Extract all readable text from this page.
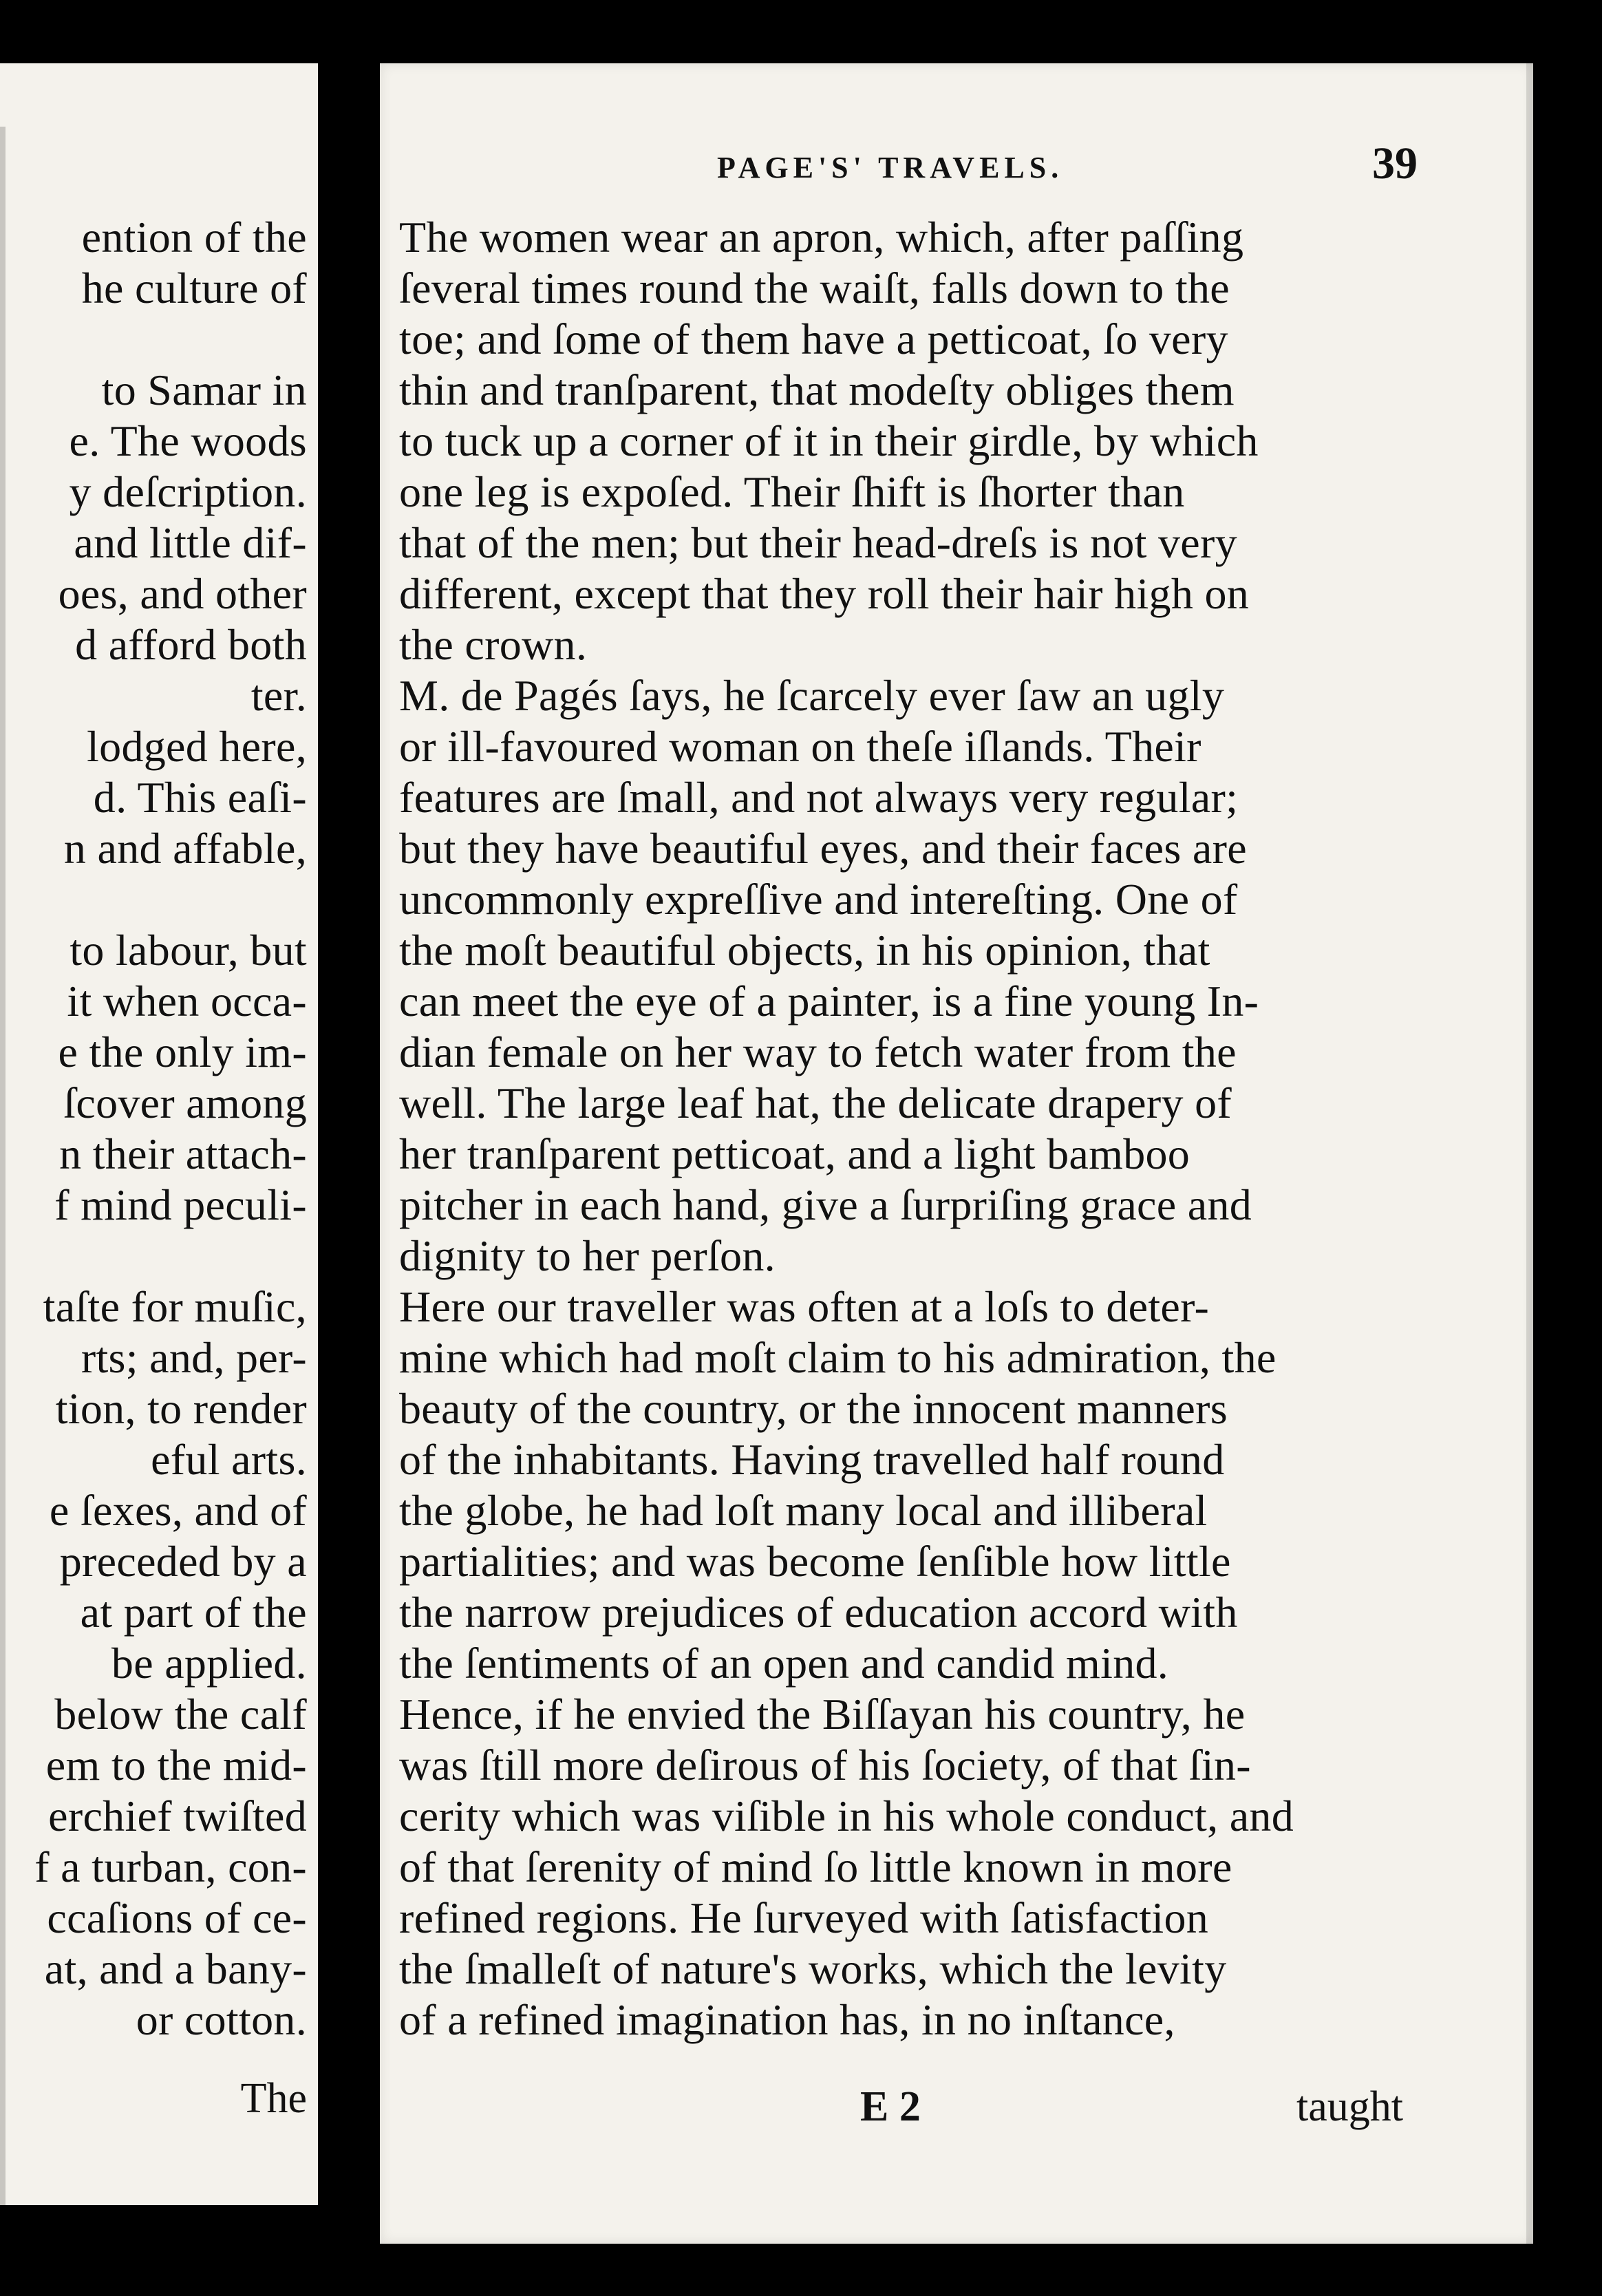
ention of the
he culture of
to Samar in
e. The woods
y deſcription.
and little dif-
oes, and other
d afford both
ter.
lodged here,
d. This eaſi-
n and affable,
to labour, but
it when occa-
e the only im-
ſcover among
n their attach-
f mind peculi-
taſte for muſic,
rts; and, per-
tion, to render
eful arts.
e ſexes, and of
preceded by a
at part of the
be applied.
below the calf
em to the mid-
erchief twiſted
f a turban, con-
ccaſions of ce-
at, and a bany-
or cotton.
The
PAGE'S' TRAVELS.	39
The women wear an apron, which, after paſſing
ſeveral times round the waiſt, falls down to the
toe; and ſome of them have a petticoat, ſo very
thin and tranſparent, that modeſty obliges them
to tuck up a corner of it in their girdle, by which
one leg is expoſed. Their ſhift is ſhorter than
that of the men; but their head-dreſs is not very
different, except that they roll their hair high on
the crown.
M. de Pagés ſays, he ſcarcely ever ſaw an ugly
or ill-favoured woman on theſe iſlands. Their
features are ſmall, and not always very regular;
but they have beautiful eyes, and their faces are
uncommonly expreſſive and intereſting. One of
the moſt beautiful objects, in his opinion, that
can meet the eye of a painter, is a fine young In-
dian female on her way to fetch water from the
well. The large leaf hat, the delicate drapery of
her tranſparent petticoat, and a light bamboo
pitcher in each hand, give a ſurpriſing grace and
dignity to her perſon.
Here our traveller was often at a loſs to deter-
mine which had moſt claim to his admiration, the
beauty of the country, or the innocent manners
of the inhabitants. Having travelled half round
the globe, he had loſt many local and illiberal
partialities; and was become ſenſible how little
the narrow prejudices of education accord with
the ſentiments of an open and candid mind.
Hence, if he envied the Biſſayan his country, he
was ſtill more deſirous of his ſociety, of that ſin-
cerity which was viſible in his whole conduct, and
of that ſerenity of mind ſo little known in more
refined regions. He ſurveyed with ſatisfaction
the ſmalleſt of nature's works, which the levity
of a refined imagination has, in no inſtance,
E 2	taught
